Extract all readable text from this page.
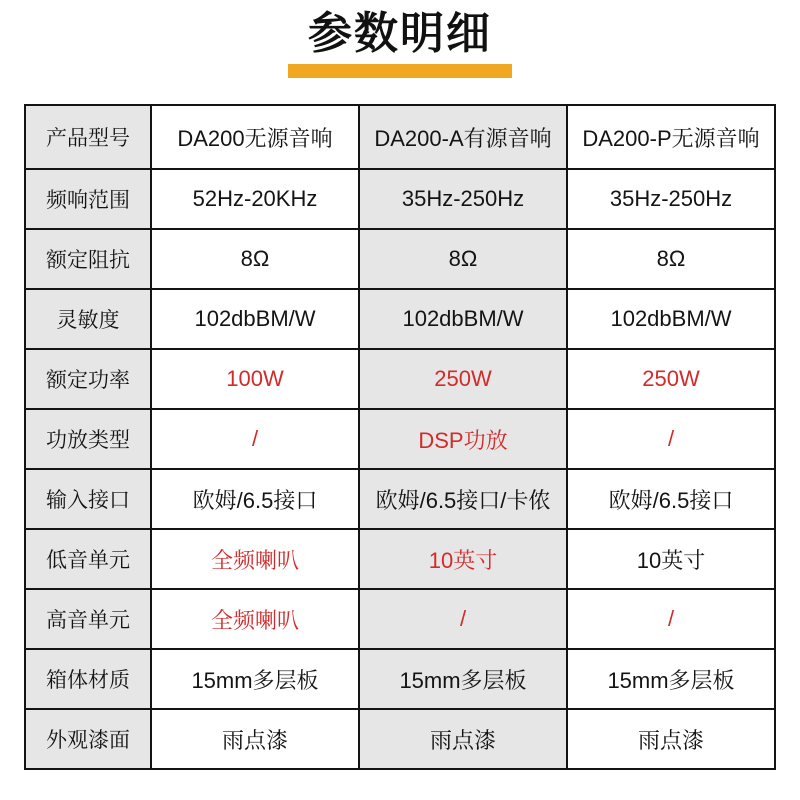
参数明细
产品型号	DA200无源音响	DA200-A有源音响	DA200-P无源音响
频响范围	52Hz-20KHz	35Hz-250Hz	35Hz-250Hz
额定阻抗	8Ω	8Ω	8Ω
灵敏度	102dbBM/W	102dbBM/W	102dbBM/W
额定功率	100W	250W	250W
功放类型	/	DSP功放	/
输入接口	欧姆/6.5接口	欧姆/6.5接口/卡侬	欧姆/6.5接口
低音单元	全频喇叭	10英寸	10英寸
高音单元	全频喇叭	/	/
箱体材质	15mm多层板	15mm多层板	15mm多层板
外观漆面	雨点漆	雨点漆	雨点漆
